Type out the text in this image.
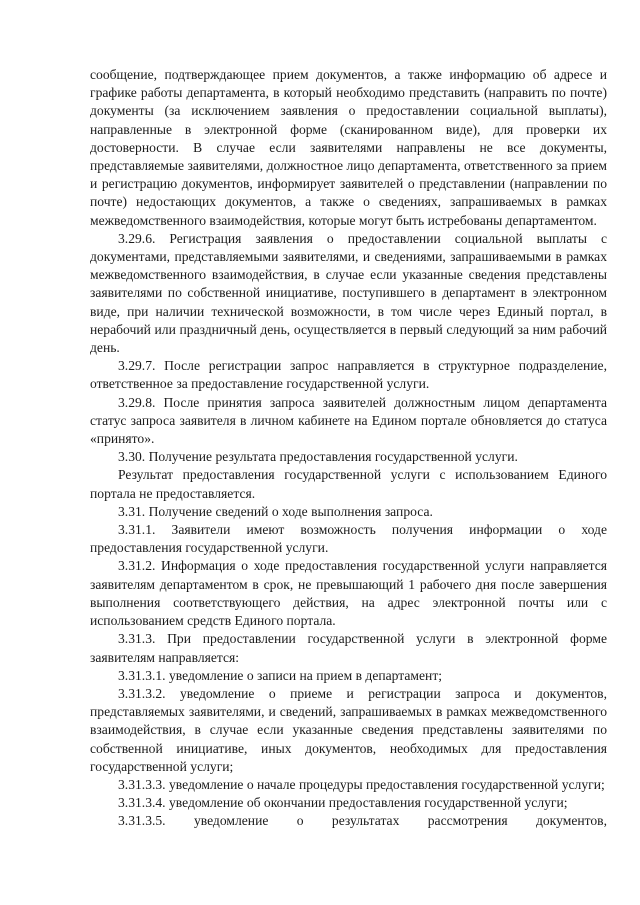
сообщение, подтверждающее прием документов, а также информацию об адресе и графике работы департамента, в который необходимо представить (направить по почте) документы (за исключением заявления о предоставлении социальной выплаты), направленные в электронной форме (сканированном виде), для проверки их достоверности. В случае если заявителями направлены не все документы, представляемые заявителями, должностное лицо департамента, ответственного за прием и регистрацию документов, информирует заявителей о представлении (направлении по почте) недостающих документов, а также о сведениях, запрашиваемых в рамках межведомственного взаимодействия, которые могут быть истребованы департаментом.

3.29.6. Регистрация заявления о предоставлении социальной выплаты с документами, представляемыми заявителями, и сведениями, запрашиваемыми в рамках межведомственного взаимодействия, в случае если указанные сведения представлены заявителями по собственной инициативе, поступившего в департамент в электронном виде, при наличии технической возможности, в том числе через Единый портал, в нерабочий или праздничный день, осуществляется в первый следующий за ним рабочий день.

3.29.7. После регистрации запрос направляется в структурное подразделение, ответственное за предоставление государственной услуги.

3.29.8. После принятия запроса заявителей должностным лицом департамента статус запроса заявителя в личном кабинете на Едином портале обновляется до статуса «принято».

3.30. Получение результата предоставления государственной услуги.

Результат предоставления государственной услуги с использованием Единого портала не предоставляется.

3.31. Получение сведений о ходе выполнения запроса.

3.31.1. Заявители имеют возможность получения информации о ходе предоставления государственной услуги.

3.31.2. Информация о ходе предоставления государственной услуги направляется заявителям департаментом в срок, не превышающий 1 рабочего дня после завершения выполнения соответствующего действия, на адрес электронной почты или с использованием средств Единого портала.

3.31.3. При предоставлении государственной услуги в электронной форме заявителям направляется:

3.31.3.1. уведомление о записи на прием в департамент;

3.31.3.2. уведомление о приеме и регистрации запроса и документов, представляемых заявителями, и сведений, запрашиваемых в рамках межведомственного взаимодействия, в случае если указанные сведения представлены заявителями по собственной инициативе, иных документов, необходимых для предоставления государственной услуги;

3.31.3.3. уведомление о начале процедуры предоставления государственной услуги;

3.31.3.4. уведомление об окончании предоставления государственной услуги;

3.31.3.5. уведомление о результатах рассмотрения документов,
